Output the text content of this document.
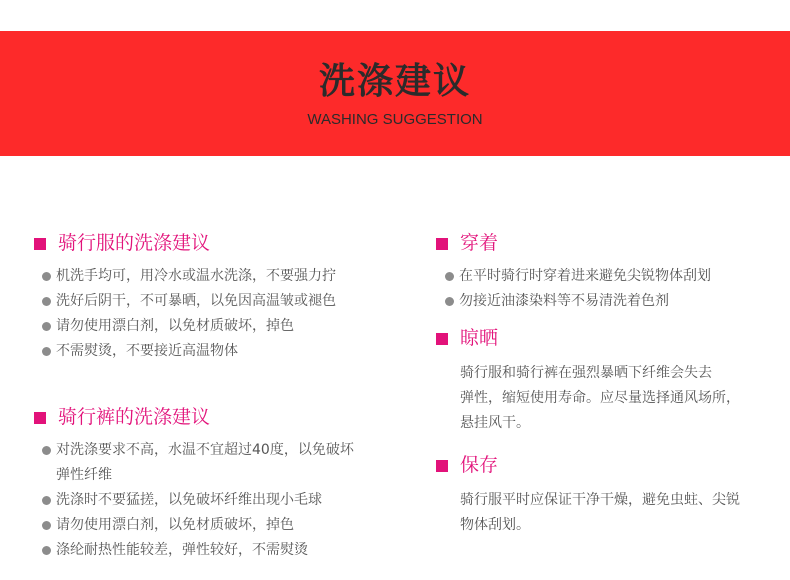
洗涤建议
WASHING SUGGESTION
骑行服的洗涤建议
机洗手均可，用冷水或温水洗涤，不要强力拧
洗好后阴干，不可暴晒，以免因高温皱或褪色
请勿使用漂白剂，以免材质破坏，掉色
不需熨烫，不要接近高温物体
骑行裤的洗涤建议
对洗涤要求不高，水温不宜超过40度，以免破坏
弹性纤维
洗涤时不要猛搓，以免破坏纤维出现小毛球
请勿使用漂白剂，以免材质破坏，掉色
涤纶耐热性能较差，弹性较好，不需熨烫
穿着
在平时骑行时穿着进来避免尖锐物体刮划
勿接近油漆染料等不易清洗着色剂
晾晒
骑行服和骑行裤在强烈暴晒下纤维会失去
弹性，缩短使用寿命。应尽量选择通风场所，
悬挂风干。
保存
骑行服平时应保证干净干燥，避免虫蛀、尖锐
物体刮划。
